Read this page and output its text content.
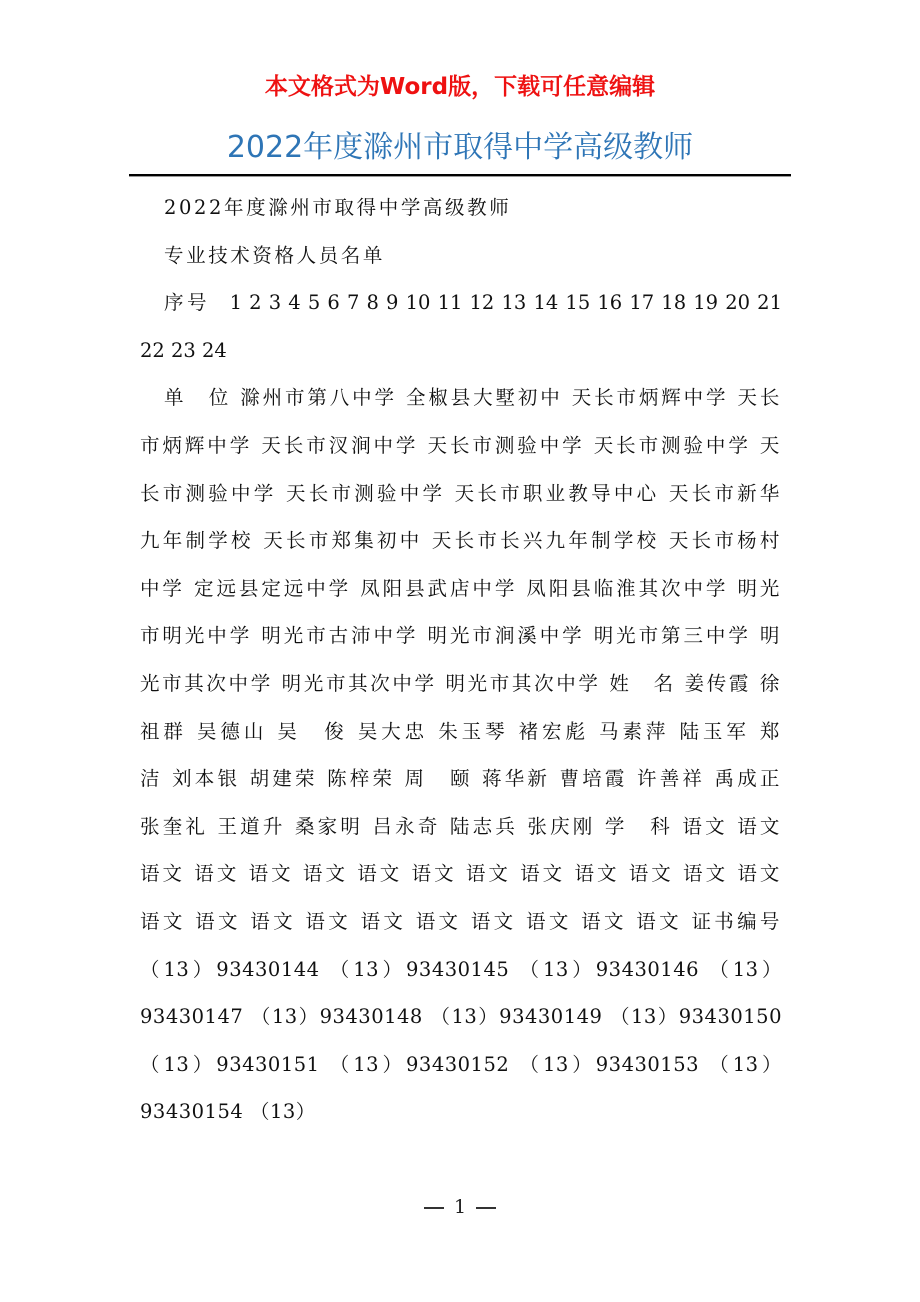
本文格式为Word版，下载可任意编辑
2022年度滁州市取得中学高级教师

2022年度滁州市取得中学高级教师

专业技术资格人员名单

序号 1 2 3 4 5 6 7 8 9 10 11 12 13 14 15 16 17 18 19 20 21 22 23 24

单　位 滁州市第八中学 全椒县大墅初中 天长市炳辉中学 天长市炳辉中学 天长市汊涧中学 天长市测验中学 天长市测验中学 天长市测验中学 天长市测验中学 天长市职业教导中心 天长市新华九年制学校 天长市郑集初中 天长市长兴九年制学校 天长市杨村中学 定远县定远中学 凤阳县武店中学 凤阳县临淮其次中学 明光市明光中学 明光市古沛中学 明光市涧溪中学 明光市第三中学 明光市其次中学 明光市其次中学 明光市其次中学 姓　名 姜传霞 徐祖群 吴德山 吴　俊 吴大忠 朱玉琴 褚宏彪 马素萍 陆玉军 郑　洁 刘本银 胡建荣 陈梓荣 周　颐 蒋华新 曹培霞 许善祥 禹成正 张奎礼 王道升 桑家明 吕永奇 陆志兵 张庆刚 学　科 语文 语文 语文 语文 语文 语文 语文 语文 语文 语文 语文 语文 语文 语文 语文 语文 语文 语文 语文 语文 语文 语文 语文 语文 证书编号 （13）93430144 （13）93430145 （13）93430146 （13）93430147 （13）93430148 （13）93430149 （13）93430150 （13）93430151 （13）93430152 （13）93430153 （13）93430154 （13）

1
